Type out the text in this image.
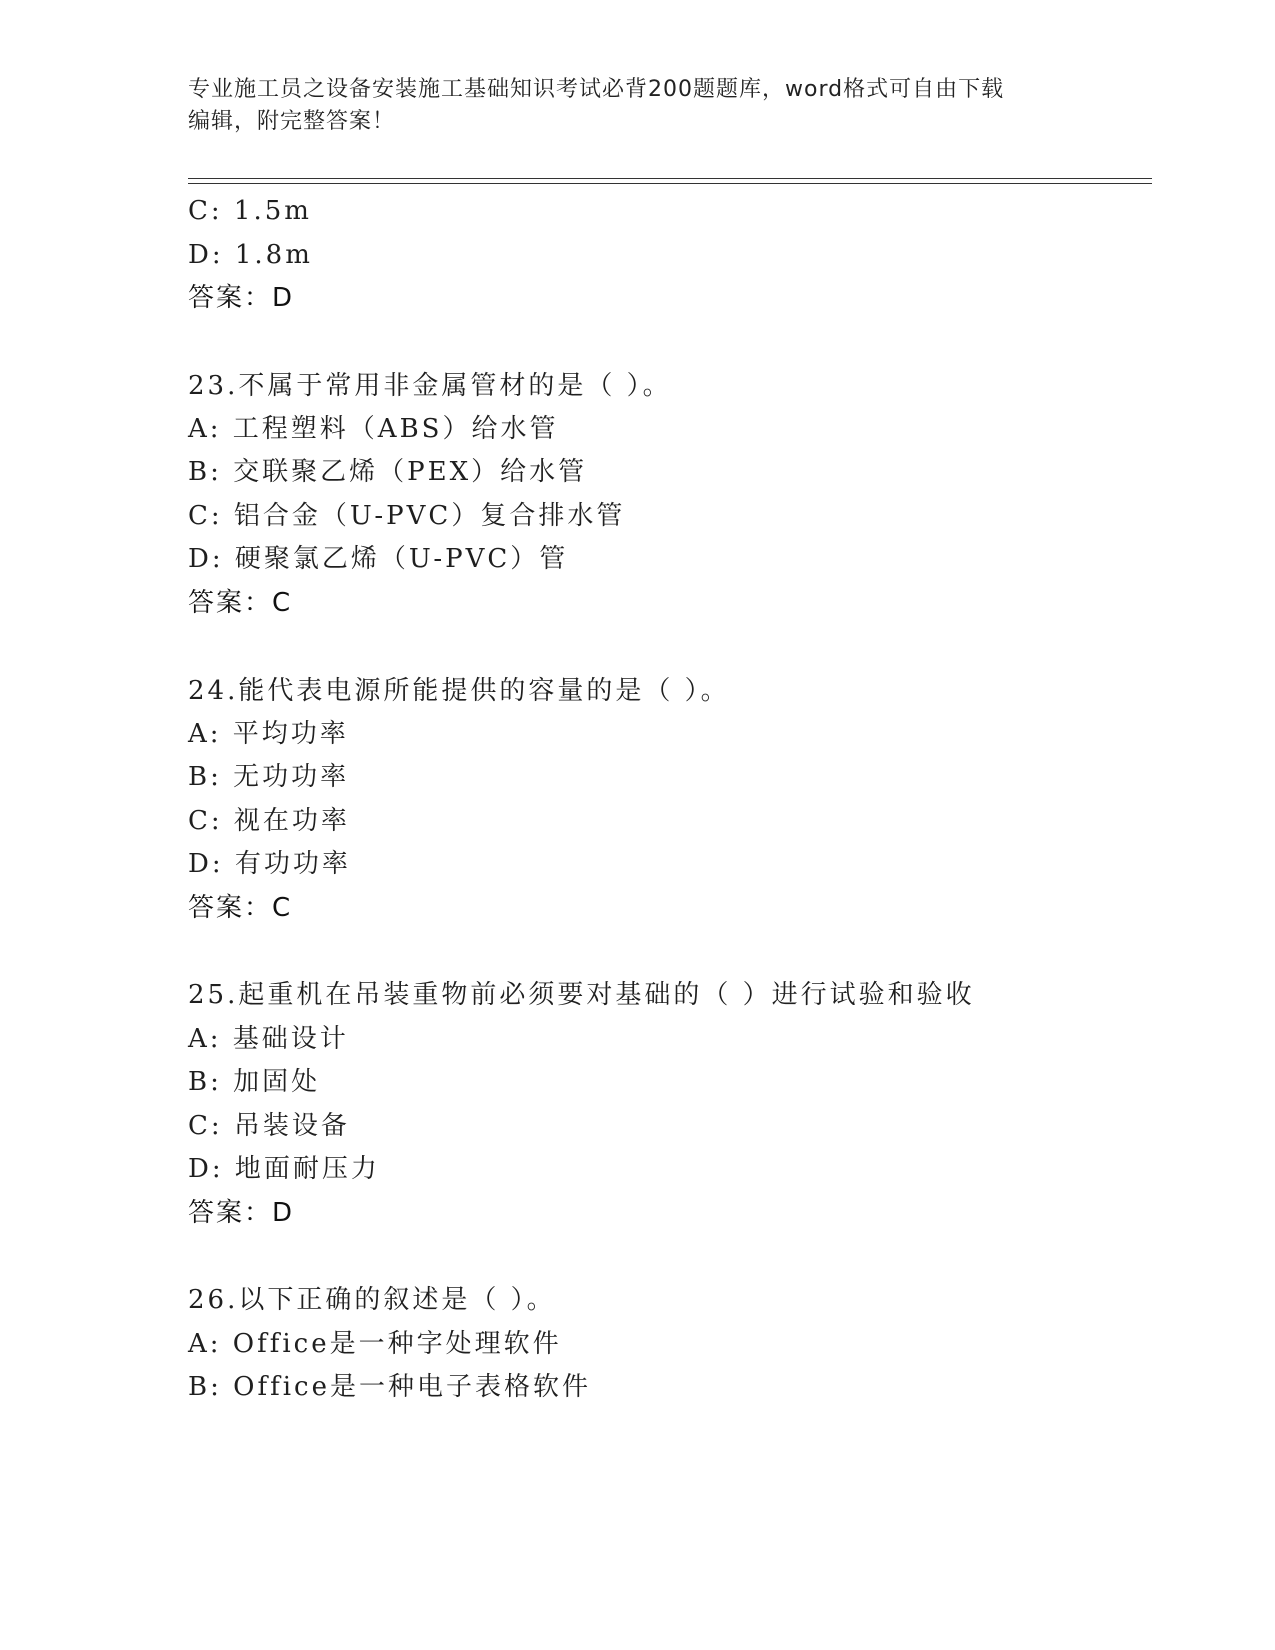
专业施工员之设备安装施工基础知识考试必背200题题库，word格式可自由下载
编辑，附完整答案！
C: 1.5m
D: 1.8m
答案：D
23.不属于常用非金属管材的是（ ）。
A: 工程塑料（ABS）给水管
B: 交联聚乙烯（PEX）给水管
C: 铝合金（U-PVC）复合排水管
D: 硬聚氯乙烯（U-PVC）管
答案：C
24.能代表电源所能提供的容量的是（ ）。
A: 平均功率
B: 无功功率
C: 视在功率
D: 有功功率
答案：C
25.起重机在吊装重物前必须要对基础的（ ）进行试验和验收
A: 基础设计
B: 加固处
C: 吊装设备
D: 地面耐压力
答案：D
26.以下正确的叙述是（ ）。
A: Office是一种字处理软件
B: Office是一种电子表格软件
